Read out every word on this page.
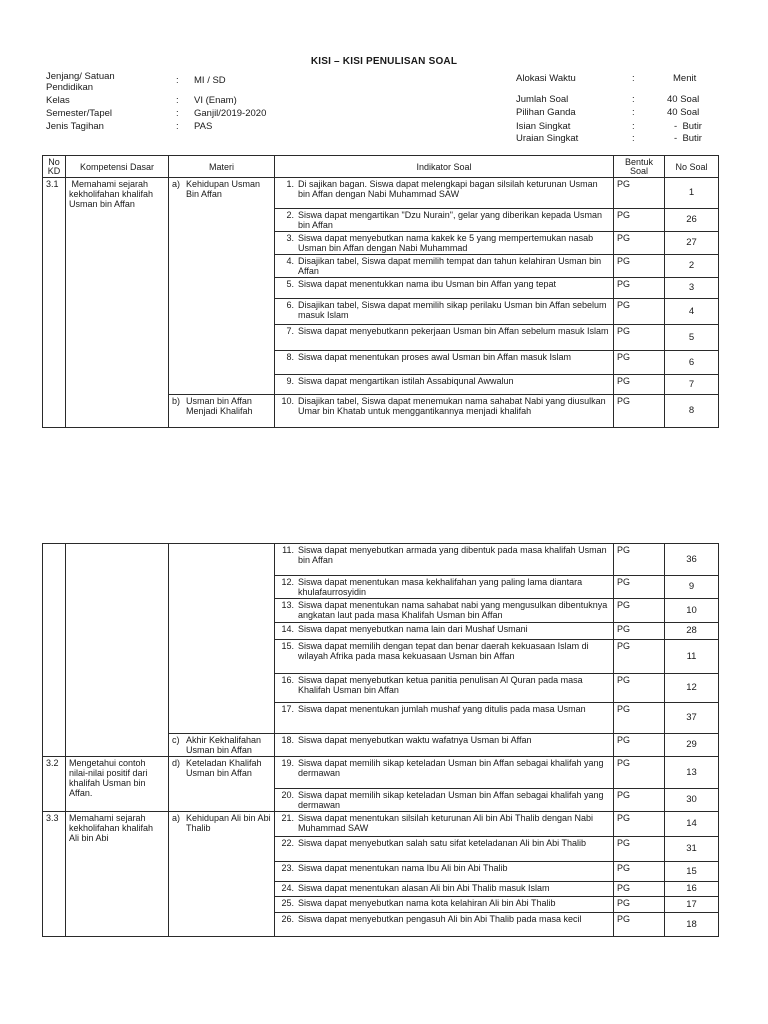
KISI – KISI PENULISAN SOAL
Jenjang/ Satuan
Pendidikan
: MI / SD
Kelas	: VI (Enam)
Semester/Tapel	: Ganjil/2019-2020
Jenis Tagihan	: PAS
Alokasi Waktu	:	Menit
Jumlah Soal	:	40 Soal
Pilihan Ganda	:	40 Soal
Isian Singkat	:	-  Butir
Uraian Singkat	:	-  Butir
No KD	Kompetensi Dasar	Materi	Indikator Soal	Bentuk Soal	No Soal
3.1	Memahami sejarah kekholifahan khalifah Usman bin Affan	a) Kehidupan Usman Bin Affan	1. Di sajikan bagan. Siswa dapat melengkapi bagan silsilah keturunan Usman bin Affan dengan Nabi Muhammad SAW	PG	1

			2. Siswa dapat mengartikan "Dzu Nurain", gelar yang diberikan kepada Usman bin Affan	PG	26

			3. Siswa dapat menyebutkan nama kakek ke 5 yang mempertemukan nasab Usman bin Affan dengan Nabi Muhammad	PG	27

			4. Disajikan tabel, Siswa dapat memilih tempat dan tahun kelahiran Usman bin Affan	PG	2

			5. Siswa dapat menentukkan nama ibu Usman bin Affan yang tepat	PG	3

			6. Disajikan tabel, Siswa dapat memilih sikap perilaku Usman bin Affan sebelum masuk Islam	PG	4

			7. Siswa dapat menyebutkann pekerjaan Usman bin Affan sebelum masuk Islam	PG	5

			8. Siswa dapat menentukan proses awal Usman bin Affan masuk Islam	PG	6

			9. Siswa dapat mengartikan istilah Assabiqunal Awwalun	PG	7

		b) Usman bin Affan Menjadi Khalifah	10. Disajikan tabel, Siswa dapat menemukan nama sahabat Nabi yang diusulkan Umar bin Khatab untuk menggantikannya menjadi khalifah	PG	8

			11. Siswa dapat menyebutkan armada yang dibentuk pada masa khalifah Usman bin Affan	PG	36

			12. Siswa dapat menentukan masa kekhalifahan yang paling lama diantara khulafaurrosyidin	PG	9

			13. Siswa dapat menentukan nama sahabat nabi yang mengusulkan dibentuknya angkatan laut pada masa Khalifah Usman bin Affan	PG	10

			14. Siswa dapat menyebutkan nama lain dari Mushaf Usmani	PG	28

			15. Siswa dapat memilih dengan tepat dan benar daerah kekuasaan Islam di wilayah Afrika pada masa kekuasaan Usman bin Affan	PG	11

			16. Siswa dapat menyebutkan ketua panitia penulisan Al Quran pada masa Khalifah Usman bin Affan	PG	12

			17. Siswa dapat menentukan jumlah mushaf yang ditulis pada masa Usman	PG	37

		c) Akhir Kekhalifahan Usman bin Affan	18. Siswa dapat menyebutkan waktu wafatnya Usman bi Affan	PG	29
3.2	Mengetahui contoh nilai-nilai positif dari khalifah Usman bin Affan.	d) Keteladan Khalifah Usman bin Affan	19. Siswa dapat memilih sikap keteladan Usman bin Affan sebagai khalifah yang dermawan	PG	13

			20. Siswa dapat memilih sikap keteladan Usman bin Affan sebagai khalifah yang dermawan	PG	30
3.3	Memahami sejarah kekholifahan khalifah Ali bin Abi	a) Kehidupan Ali bin Abi Thalib	21. Siswa dapat menentukan silsilah keturunan Ali bin Abi Thalib dengan Nabi Muhammad SAW	PG	14

			22. Siswa dapat menyebutkan salah satu sifat keteladanan Ali bin Abi Thalib	PG	31

			23. Siswa dapat menentukan nama Ibu Ali bin Abi Thalib	PG	15

			24. Siswa dapat menentukan alasan Ali bin Abi Thalib masuk Islam	PG	16

			25. Siswa dapat menyebutkan nama kota kelahiran Ali bin Abi Thalib	PG	17

			26. Siswa dapat menyebutkan pengasuh Ali bin Abi Thalib pada masa kecil	PG	18
